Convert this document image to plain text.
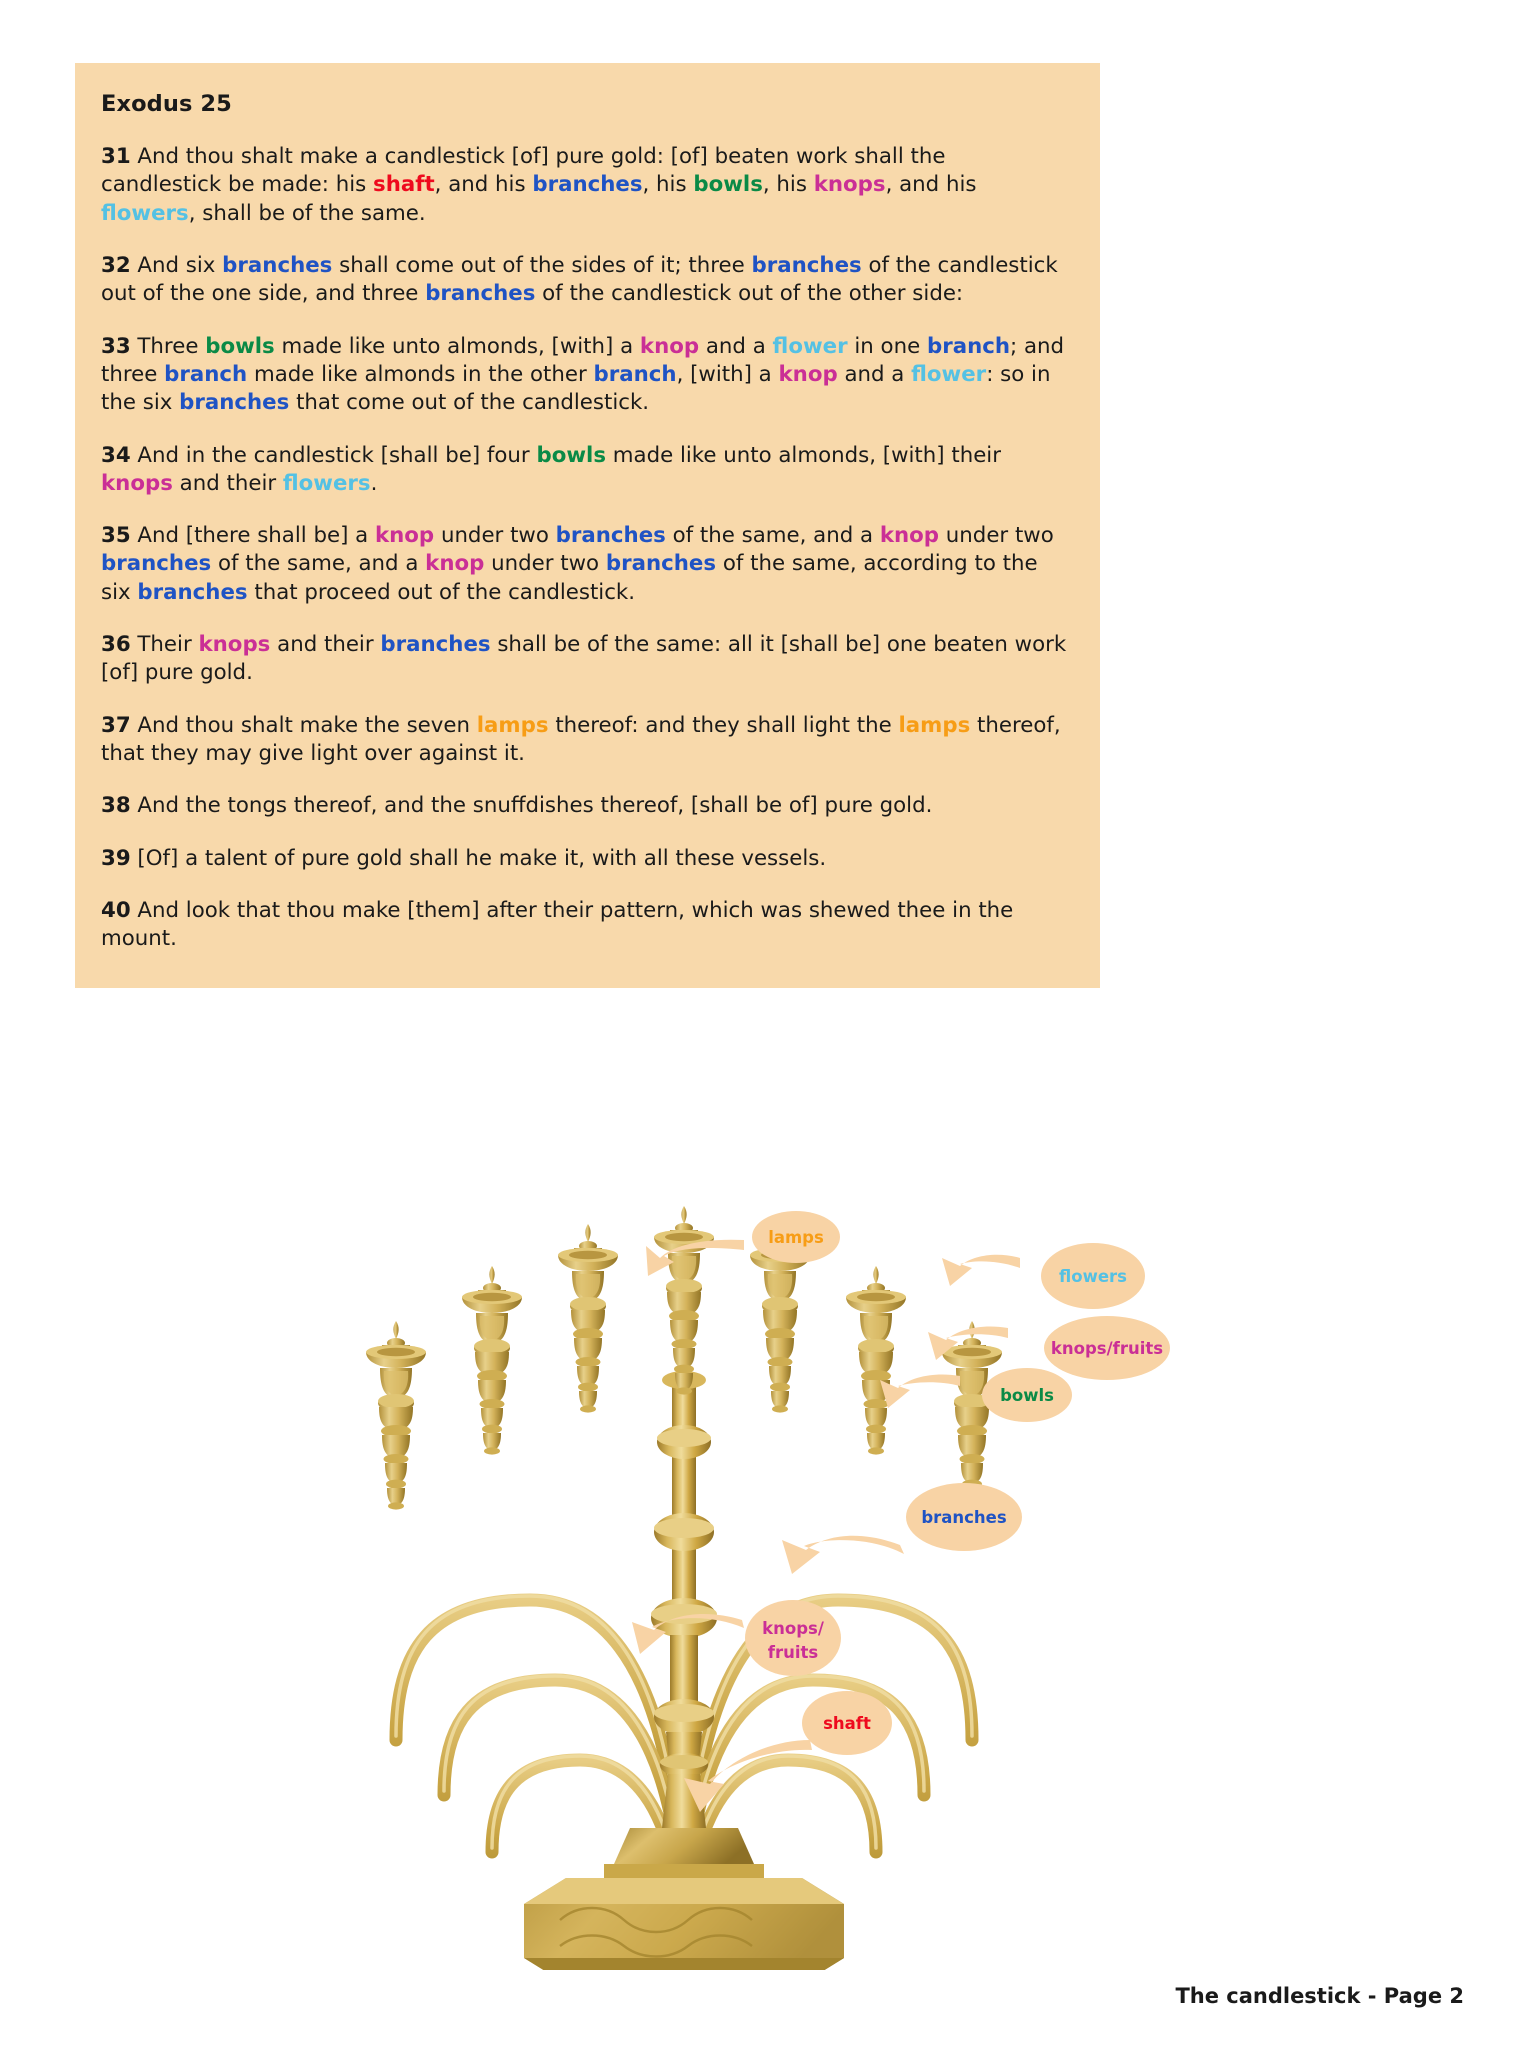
Exodus 25

31 And thou shalt make a candlestick [of] pure gold: [of] beaten work shall the candlestick be made: his shaft, and his branches, his bowls, his knops, and his flowers, shall be of the same.

32 And six branches shall come out of the sides of it; three branches of the candlestick out of the one side, and three branches of the candlestick out of the other side:

33 Three bowls made like unto almonds, [with] a knop and a flower in one branch; and three branch made like almonds in the other branch, [with] a knop and a flower: so in the six branches that come out of the candlestick.

34 And in the candlestick [shall be] four bowls made like unto almonds, [with] their knops and their flowers.

35 And [there shall be] a knop under two branches of the same, and a knop under two branches of the same, and a knop under two branches of the same, according to the six branches that proceed out of the candlestick.

36 Their knops and their branches shall be of the same: all it [shall be] one beaten work [of] pure gold.

37 And thou shalt make the seven lamps thereof: and they shall light the lamps thereof, that they may give light over against it.

38 And the tongs thereof, and the snuffdishes thereof, [shall be of] pure gold.

39 [Of] a talent of pure gold shall he make it, with all these vessels.

40 And look that thou make [them] after their pattern, which was shewed thee in the mount.

lamps
flowers
knops/fruits
bowls
branches
knops/
fruits
shaft
The candlestick - Page 2
